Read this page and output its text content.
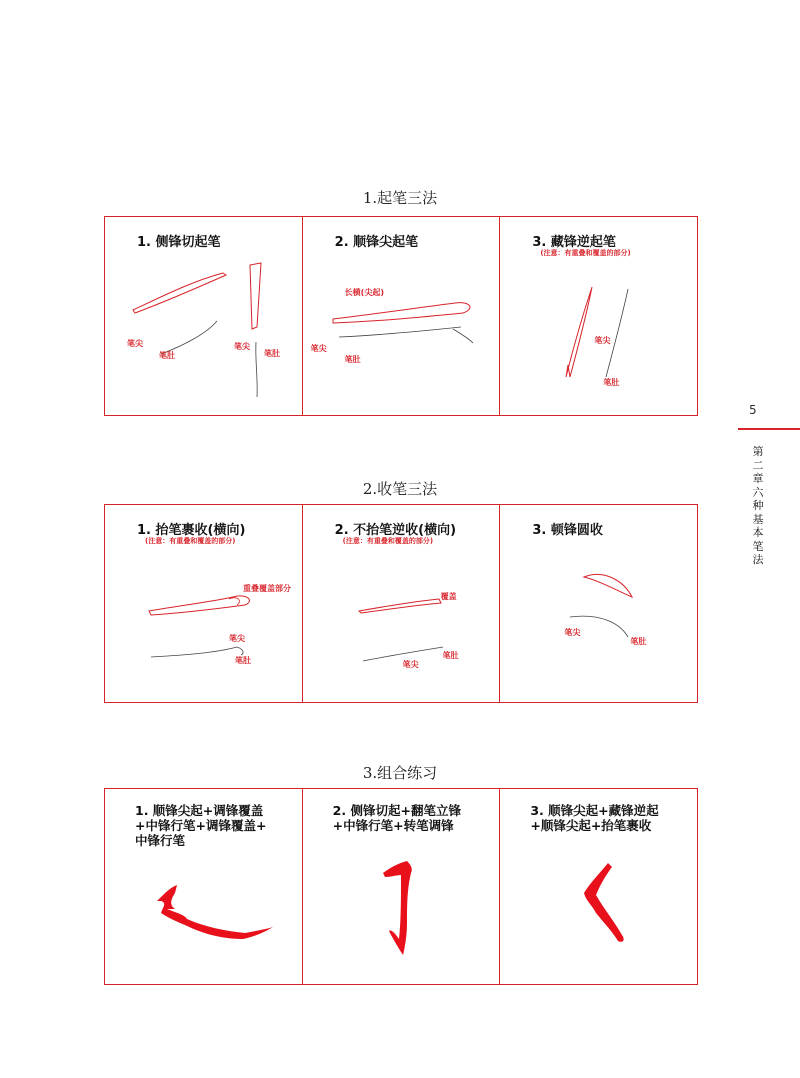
1.起笔三法
1. 侧锋切起笔
笔尖
笔肚
笔尖
笔肚
2. 顺锋尖起笔
长横(尖起)
笔尖
笔肚
3. 藏锋逆起笔
(注意：有重叠和覆盖的部分)
笔尖
笔肚
2.收笔三法
1. 抬笔裹收(横向)
(注意：有重叠和覆盖的部分)
重叠覆盖部分
笔尖
笔肚
2. 不抬笔逆收(横向)
(注意：有重叠和覆盖的部分)
覆盖
笔尖
笔肚
3. 顿锋圆收
笔尖
笔肚
3.组合练习
1. 顺锋尖起+调锋覆盖
+中锋行笔+调锋覆盖+
中锋行笔
2. 侧锋切起+翻笔立锋
+中锋行笔+转笔调锋
3. 顺锋尖起+藏锋逆起
+顺锋尖起+抬笔裹收
5
第二章 六种基本笔法
